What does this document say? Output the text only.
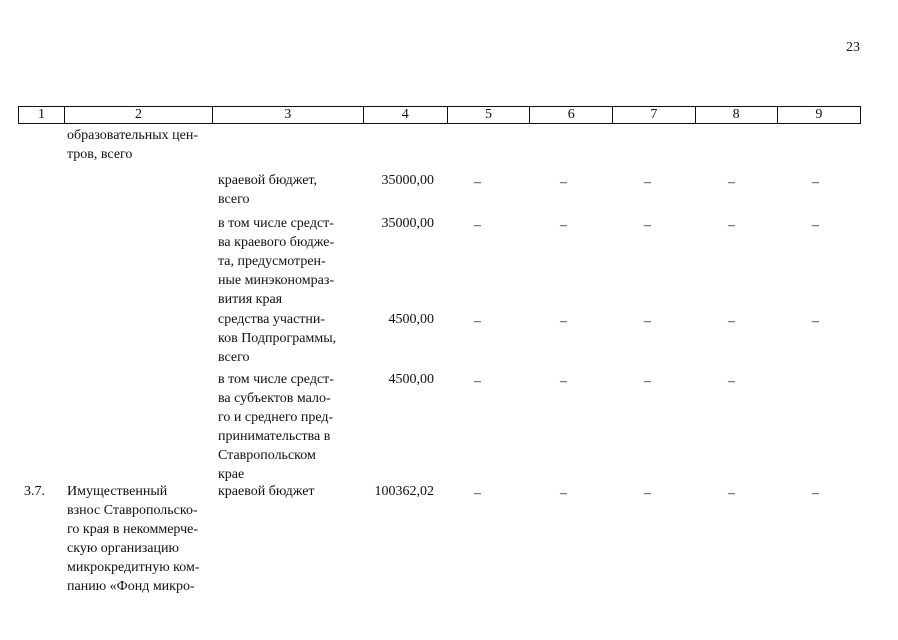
23
1	2	3	4	5	6	7	8	9
образовательных цен-
тров, всего
краевой бюджет,
всего
35000,00	–	–	–	–	–
в том числе средст-
ва краевого бюдже-
та, предусмотрен-
ные минэкономраз-
вития края
35000,00	–	–	–	–	–
средства участни-
ков Подпрограммы,
всего
4500,00	–	–	–	–	–
в том числе средст-
ва субъектов мало-
го и среднего пред-
принимательства в
Ставропольском
крае
4500,00	–	–	–	–
3.7. Имущественный
взнос Ставропольско-
го края в некоммерче-
скую организацию
микрокредитную ком-
панию «Фонд микро-
краевой бюджет	100362,02	–	–	–	–	–
